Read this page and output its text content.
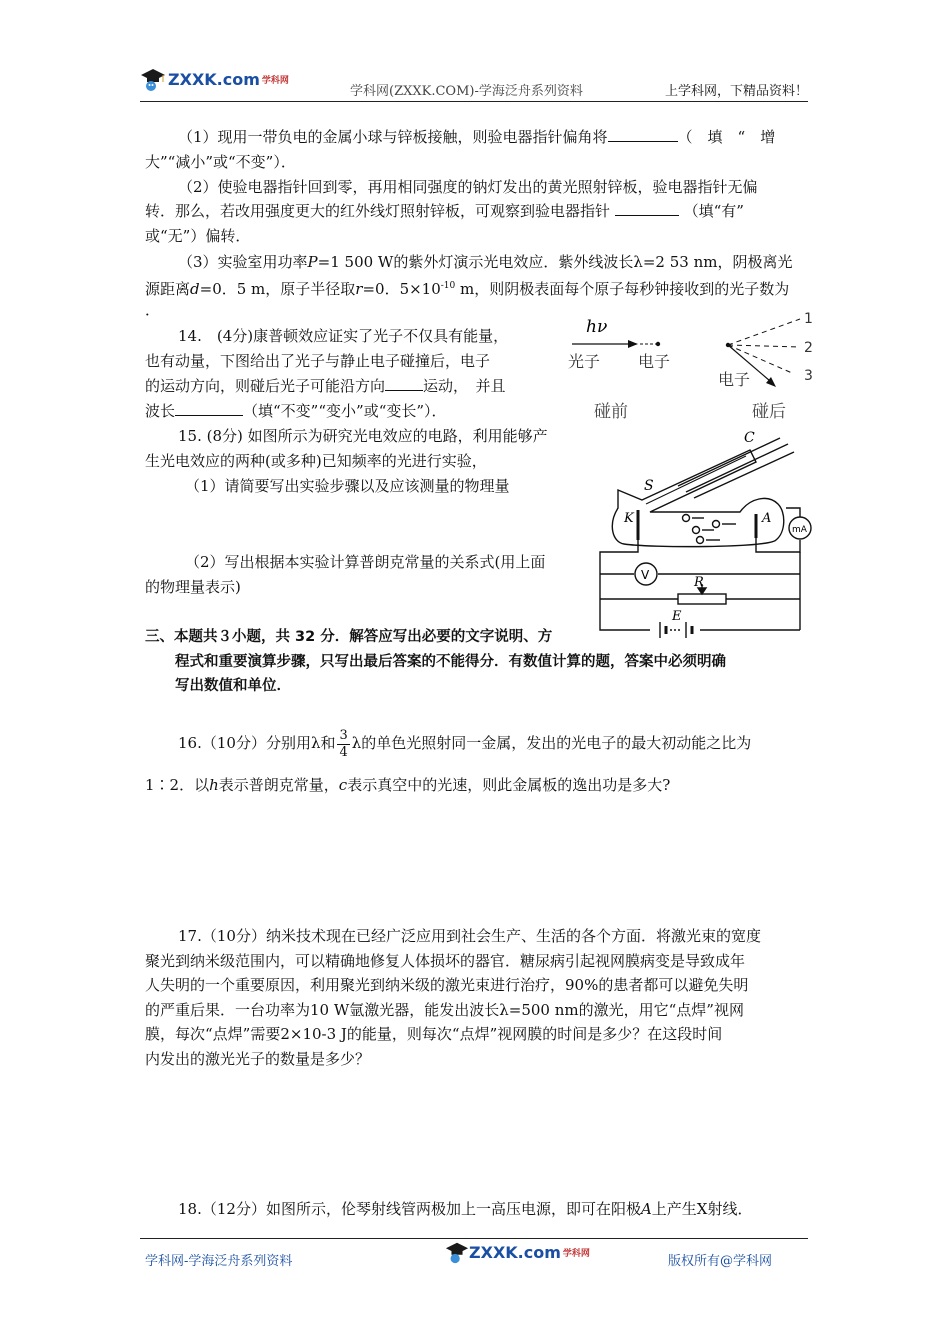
ZXXK.com 学科网
学科网(ZXXK.COM)-学海泛舟系列资料	上学科网，下精品资料！
（1）现用一带负电的金属小球与锌板接触，则验电器指针偏角将	（　填　“　增
大”“减小”或“不变”）．
（2）使验电器指针回到零，再用相同强度的钠灯发出的黄光照射锌板，验电器指针无偏
转．那么，若改用强度更大的红外线灯照射锌板，可观察到验电器指针	（填“有”
或“无”）偏转．
（3）实验室用功率P=1 500 W的紫外灯演示光电效应．紫外线波长λ=2 53 nm，阴极离光
源距离d=0．5 m，原子半径取r=0．$5\times 10^{-10}$ m，则阴极表面每个原子每秒钟接收到的光子数为
．
14.　(4分)康普顿效应证实了光子不仅具有能量，
也有动量，下图给出了光子与静止电子碰撞后，电子
的运动方向，则碰后光子可能沿方向	运动，　并且
波长	（填“不变”“变小”或“变长”）．
hν
光子 电子
碰前
1
2
3
电子
碰后
15. (8分) 如图所示为研究光电效应的电路，利用能够产
生光电效应的两种(或多种)已知频率的光进行实验，
（1）请简要写出实验步骤以及应该测量的物理量
（2）写出根据本实验计算普朗克常量的关系式(用上面
的物理量表示)
S
C
K	A
mA
V	R
E
三、本题共３小题，共 32 分．解答应写出必要的文字说明、方
程式和重要演算步骤，只写出最后答案的不能得分．有数值计算的题，答案中必须明确
写出数值和单位．
16.（10分）分别用λ和 $\frac{3}{4}$ λ的单色光照射同一金属，发出的光电子的最大初动能之比为
1∶2．以h表示普朗克常量，c表示真空中的光速，则此金属板的逸出功是多大?
17.（10分）纳米技术现在已经广泛应用到社会生产、生活的各个方面．将激光束的宽度
聚光到纳米级范围内，可以精确地修复人体损坏的器官．糖尿病引起视网膜病变是导致成年
人失明的一个重要原因，利用聚光到纳米级的激光束进行治疗，90%的患者都可以避免失明
的严重后果．一台功率为10 W氩激光器，能发出波长λ=500 nm的激光，用它“点焊”视网
膜，每次“点焊”需要2×10-3 J的能量，则每次“点焊”视网膜的时间是多少？在这段时间
内发出的激光光子的数量是多少？
18.（12分）如图所示，伦琴射线管两极加上一高压电源，即可在阳极A上产生X射线．
学科网-学海泛舟系列资料	ZXXK.com 学科网
版权所有@学科网
